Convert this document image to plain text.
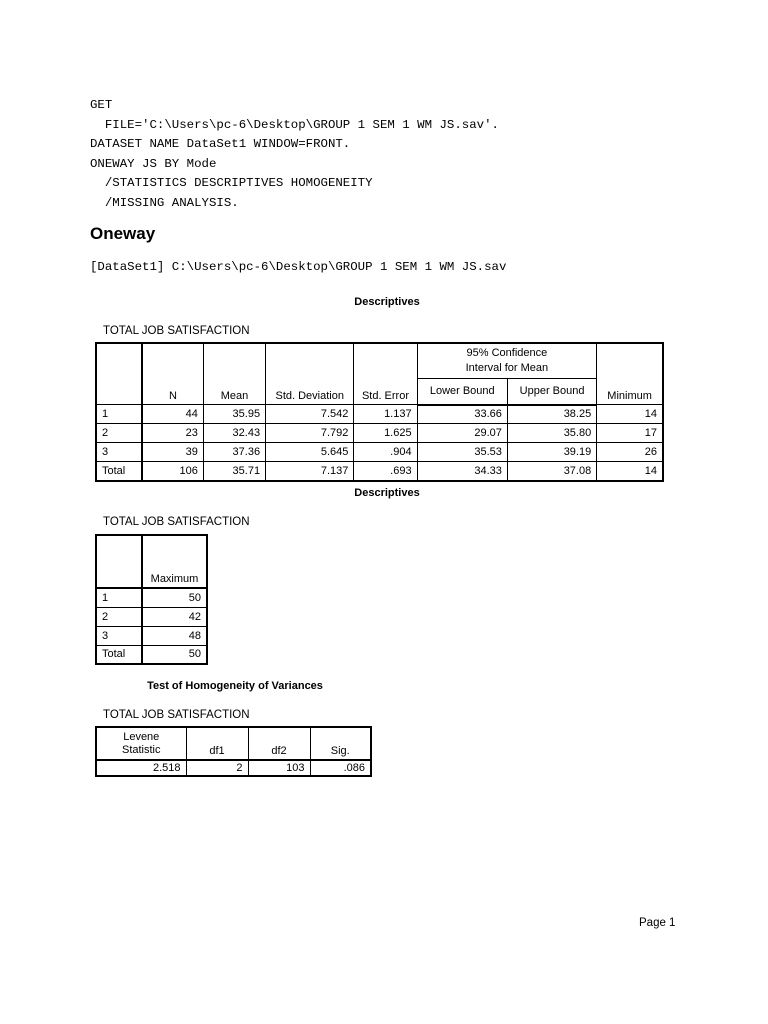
GET
FILE='C:\Users\pc-6\Desktop\GROUP 1 SEM 1 WM JS.sav'.
DATASET NAME DataSet1 WINDOW=FRONT.
ONEWAY JS BY Mode
/STATISTICS DESCRIPTIVES HOMOGENEITY
/MISSING ANALYSIS.
Oneway
[DataSet1] C:\Users\pc-6\Desktop\GROUP 1 SEM 1 WM JS.sav
Descriptives
TOTAL JOB SATISFACTION
	N	Mean	Std. Deviation	Std. Error	95% Confidence Interval for Mean		Minimum
					Lower Bound	Upper Bound	
1	44	35.95	7.542	1.137	33.66	38.25	14
2	23	32.43	7.792	1.625	29.07	35.80	17
3	39	37.36	5.645	.904	35.53	39.19	26
Total	106	35.71	7.137	.693	34.33	37.08	14
Descriptives
TOTAL JOB SATISFACTION
	Maximum
1	50
2	42
3	48
Total	50
Test of Homogeneity of Variances
TOTAL JOB SATISFACTION
Levene Statistic	df1	df2	Sig.
2.518	2	103	.086
Page 1
